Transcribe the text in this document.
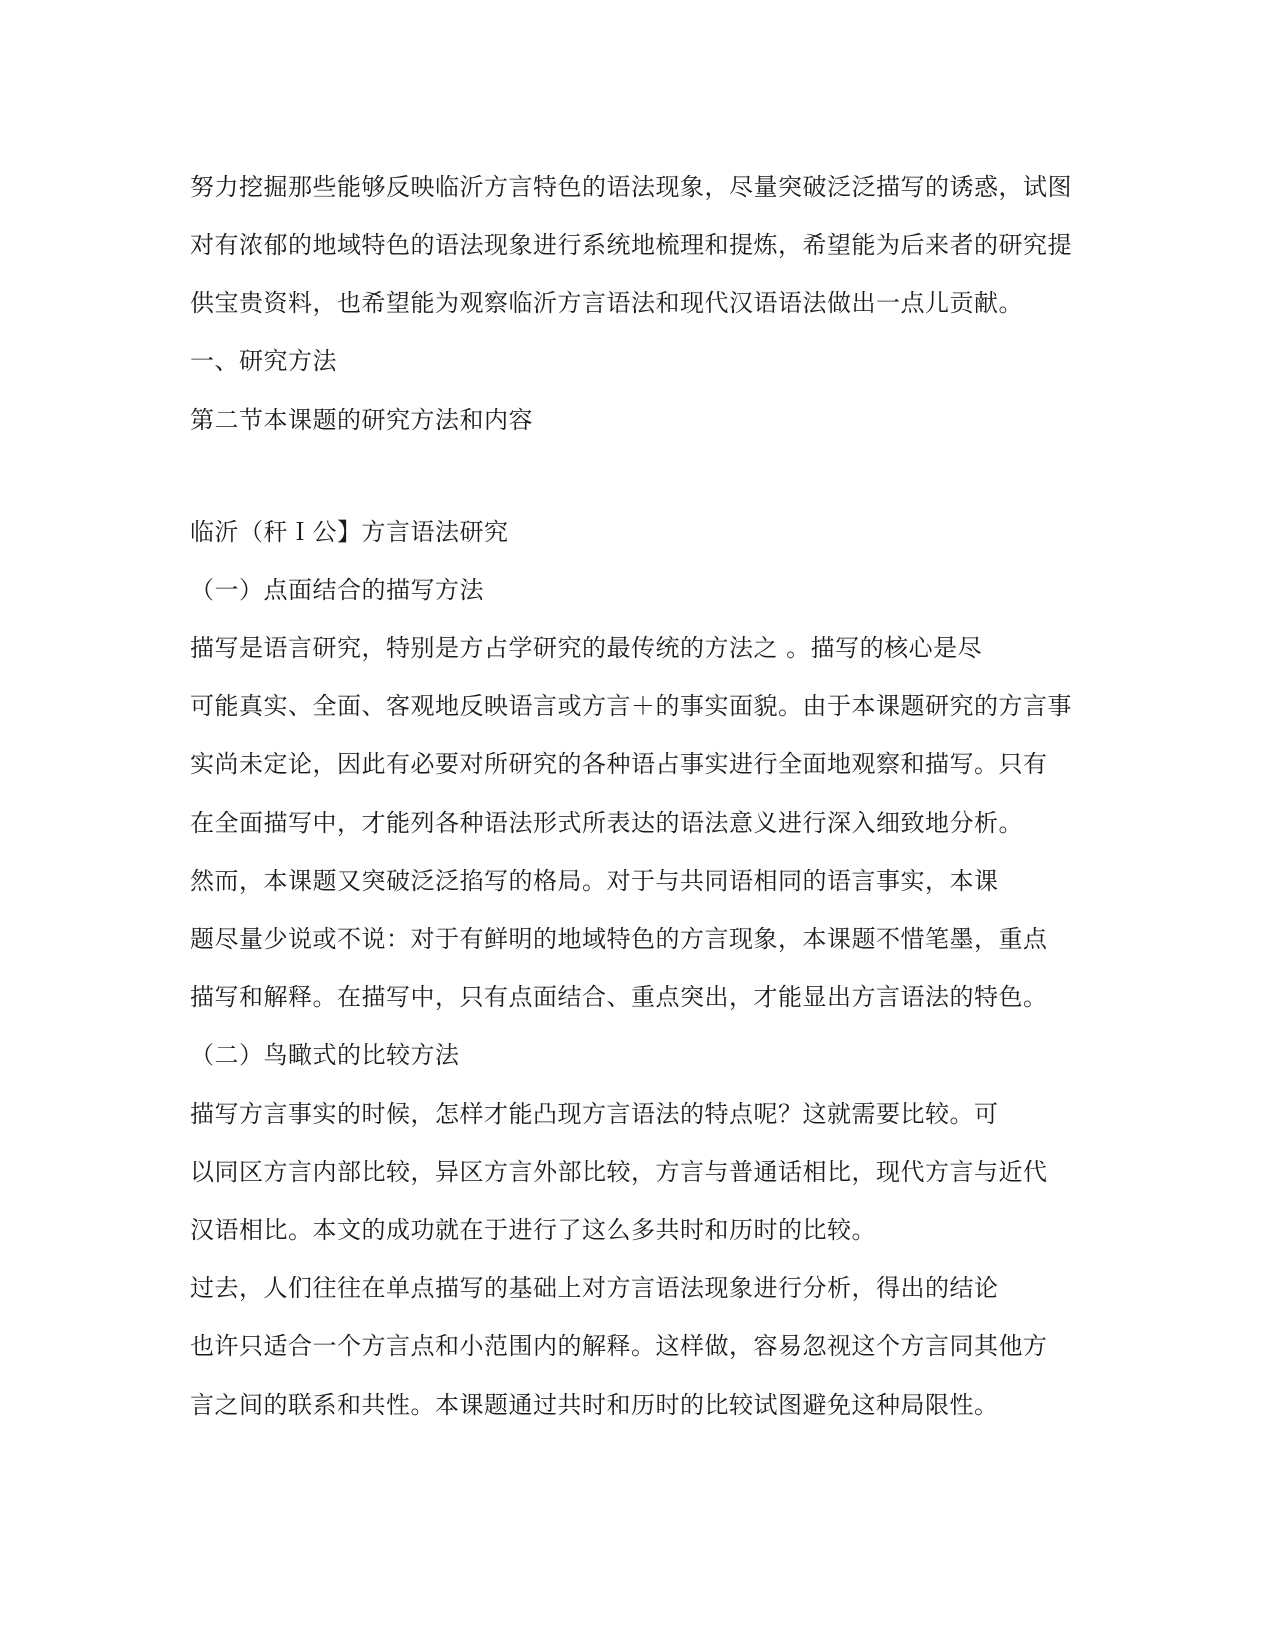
努力挖掘那些能够反映临沂方言特色的语法现象，尽量突破泛泛描写的诱惑，试图
对有浓郁的地域特色的语法现象进行系统地梳理和提炼，希望能为后来者的研究提
供宝贵资料，也希望能为观察临沂方言语法和现代汉语语法做出一点儿贡献。
一、研究方法
第二节本课题的研究方法和内容
临沂（秆Ｉ公】方言语法研究
（一）点面结合的描写方法
描写是语言研究，特别是方占学研究的最传统的方法之 。描写的核心是尽
可能真实、全面、客观地反映语言或方言＋的事实面貌。由于本课题研究的方言事
实尚未定论，因此有必要对所研究的各种语占事实进行全面地观察和描写。只有
在全面描写中，才能列各种语法形式所表达的语法意义进行深入细致地分析。
然而，本课题又突破泛泛掐写的格局。对于与共同语相同的语言事实，本课
题尽量少说或不说：对于有鲜明的地域特色的方言现象，本课题不惜笔墨，重点
描写和解释。在描写中，只有点面结合、重点突出，才能显出方言语法的特色。
（二）鸟瞰式的比较方法
描写方言事实的时候，怎样才能凸现方言语法的特点呢？这就需要比较。可
以同区方言内部比较，异区方言外部比较，方言与普通话相比，现代方言与近代
汉语相比。本文的成功就在于进行了这么多共时和历时的比较。
过去，人们往往在单点描写的基础上对方言语法现象进行分析，得出的结论
也许只适合一个方言点和小范围内的解释。这样做，容易忽视这个方言同其他方
言之间的联系和共性。本课题通过共时和历时的比较试图避免这种局限性。
